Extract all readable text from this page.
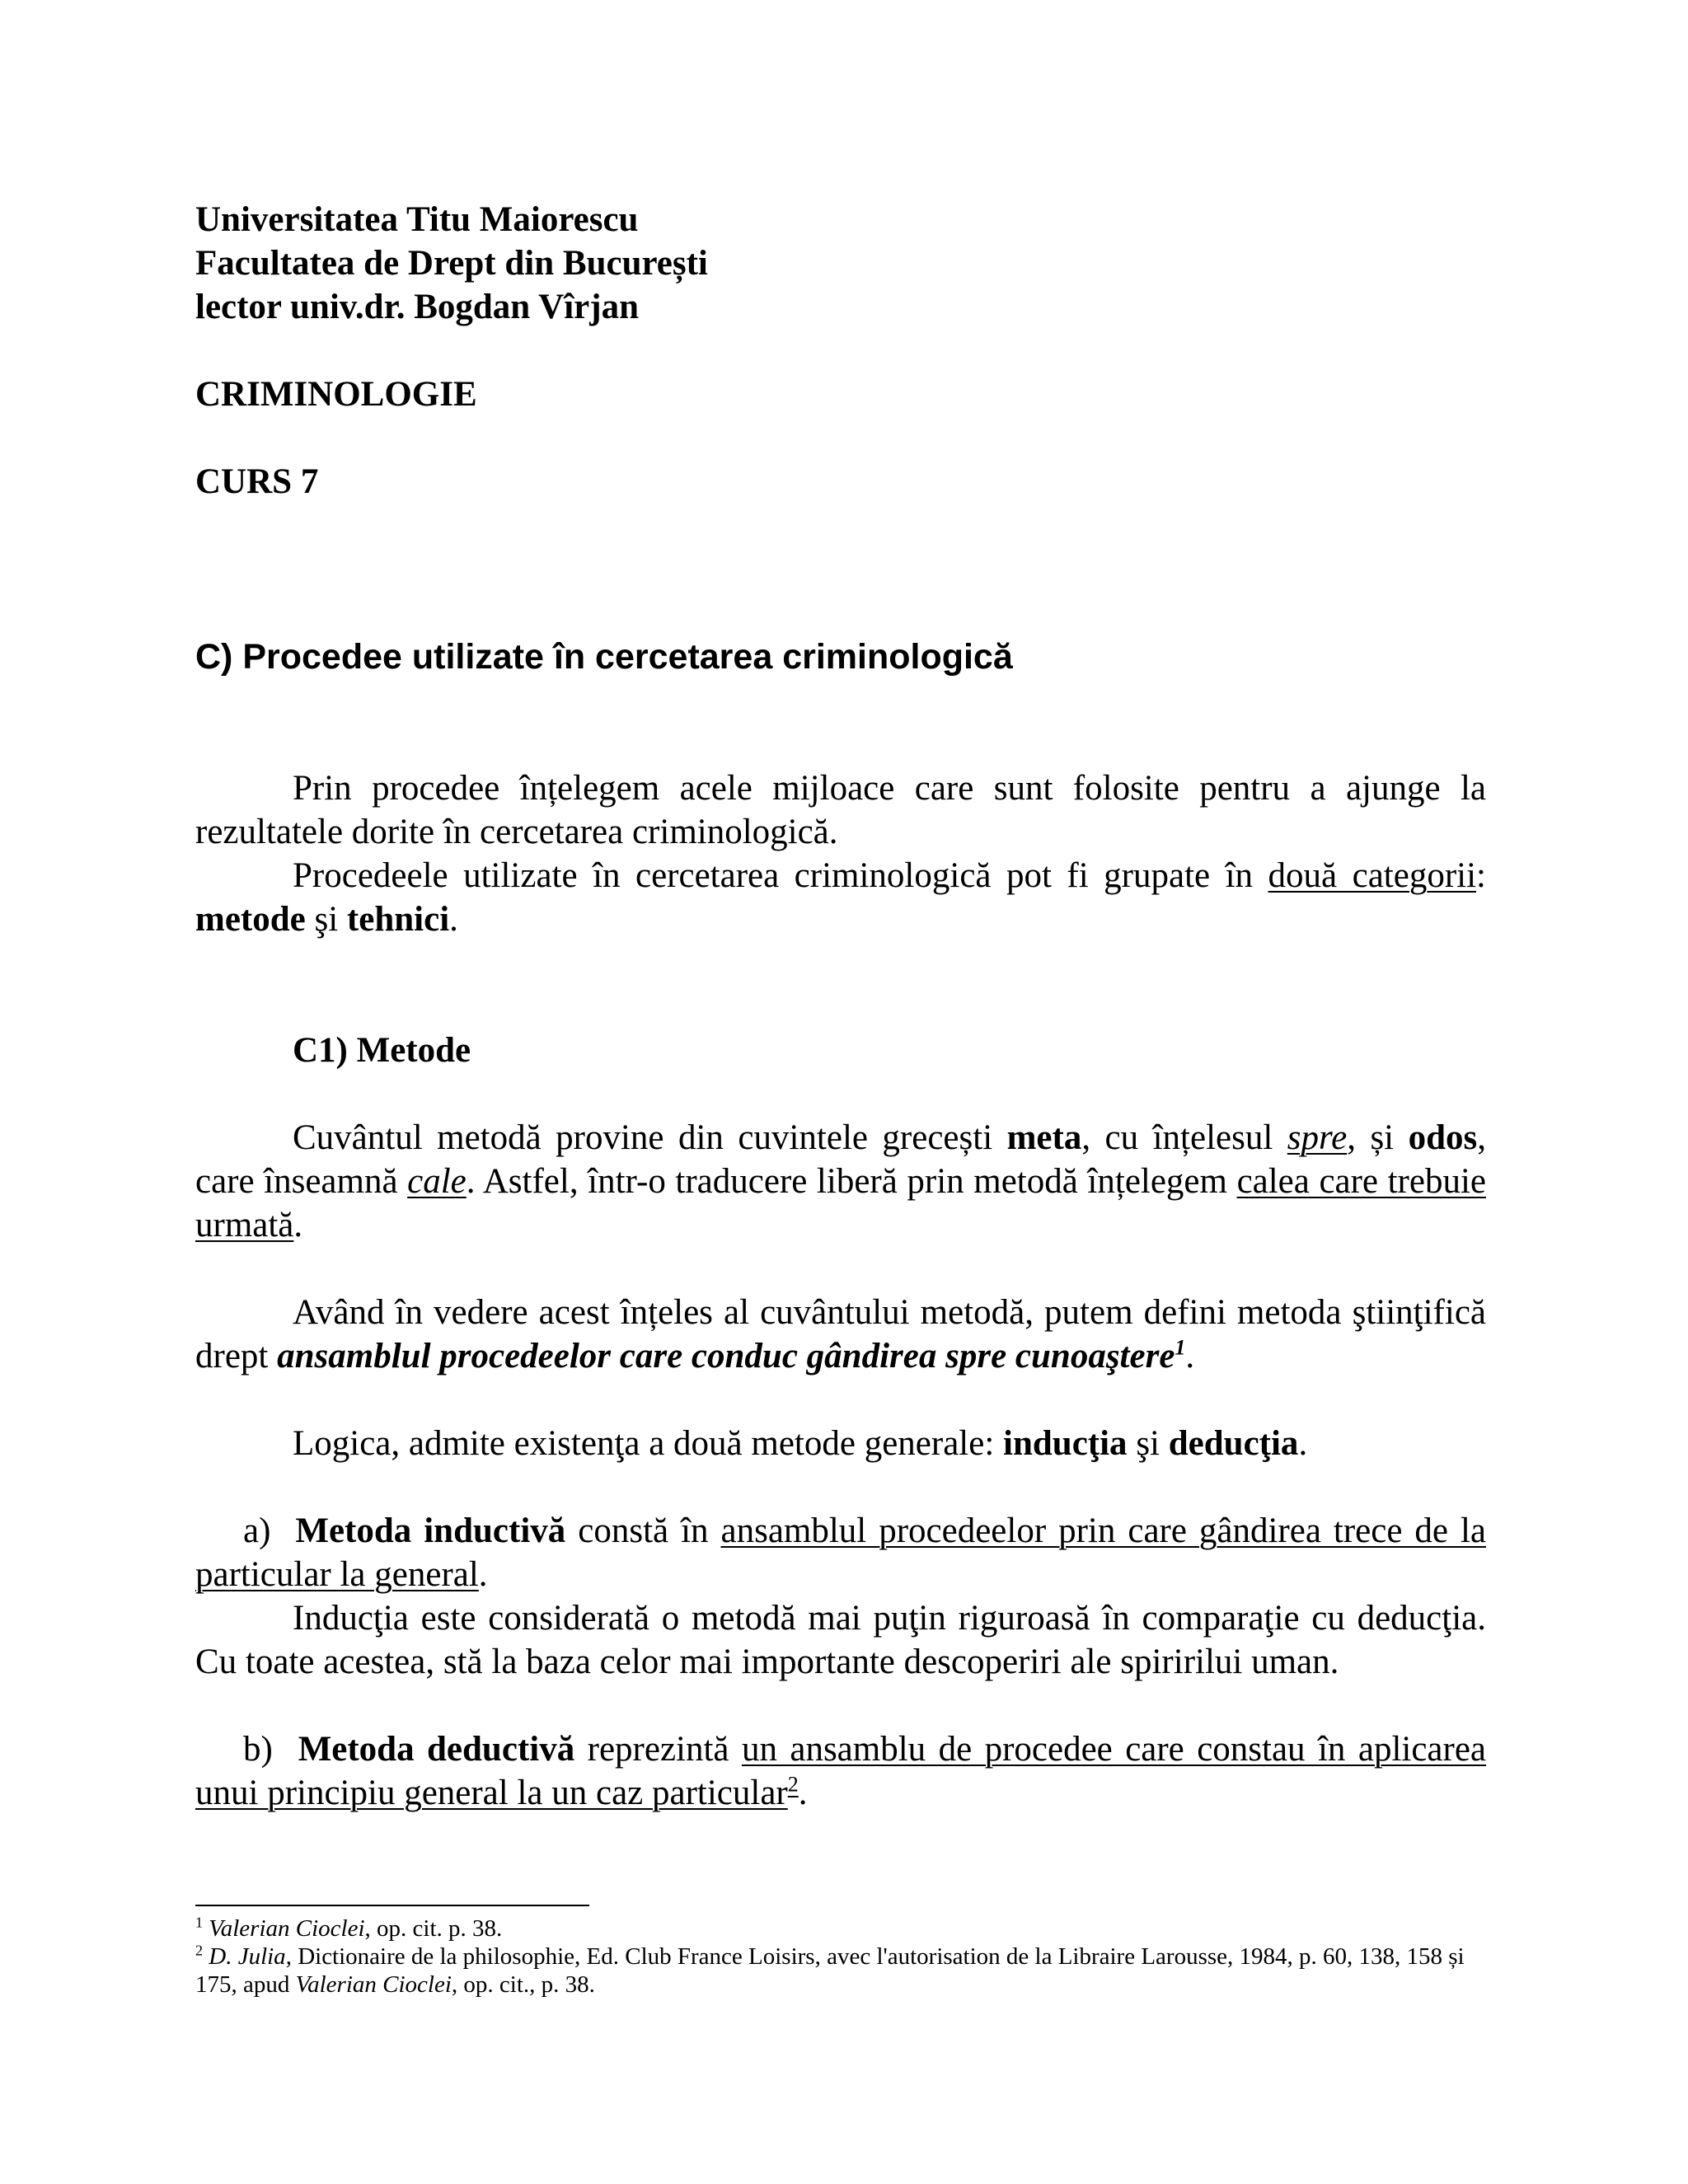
Universitatea Titu Maiorescu

Facultatea de Drept din București

lector univ.dr. Bogdan Vîrjan

CRIMINOLOGIE

CURS 7

C) Procedee utilizate în cercetarea criminologică

Prin procedee înțelegem acele mijloace care sunt folosite pentru a ajunge la rezultatele dorite în cercetarea criminologică.

Procedeele utilizate în cercetarea criminologică pot fi grupate în două categorii: metode şi tehnici.

C1) Metode

Cuvântul metodă provine din cuvintele grecești meta, cu înțelesul spre, și odos, care înseamnă cale. Astfel, într-o traducere liberă prin metodă înțelegem calea care trebuie urmată.

Având în vedere acest înțeles al cuvântului metodă, putem defini metoda ştiinţifică drept ansamblul procedeelor care conduc gândirea spre cunoaştere$^1$.

Logica, admite existenţa a două metode generale: inducţia şi deducţia.

a) Metoda inductivă constă în ansamblul procedeelor prin care gândirea trece de la particular la general.

Inducţia este considerată o metodă mai puţin riguroasă în comparaţie cu deducţia. Cu toate acestea, stă la baza celor mai importante descoperiri ale spiririlui uman.

b) Metoda deductivă reprezintă un ansamblu de procedee care constau în aplicarea unui principiu general la un caz particular$^2$.

$^1$ Valerian Cioclei, op. cit. p. 38.

$^2$ D. Julia, Dictionaire de la philosophie, Ed. Club France Loisirs, avec l'autorisation de la Libraire Larousse, 1984, p. 60, 138, 158 și 175, apud Valerian Cioclei, op. cit., p. 38.
